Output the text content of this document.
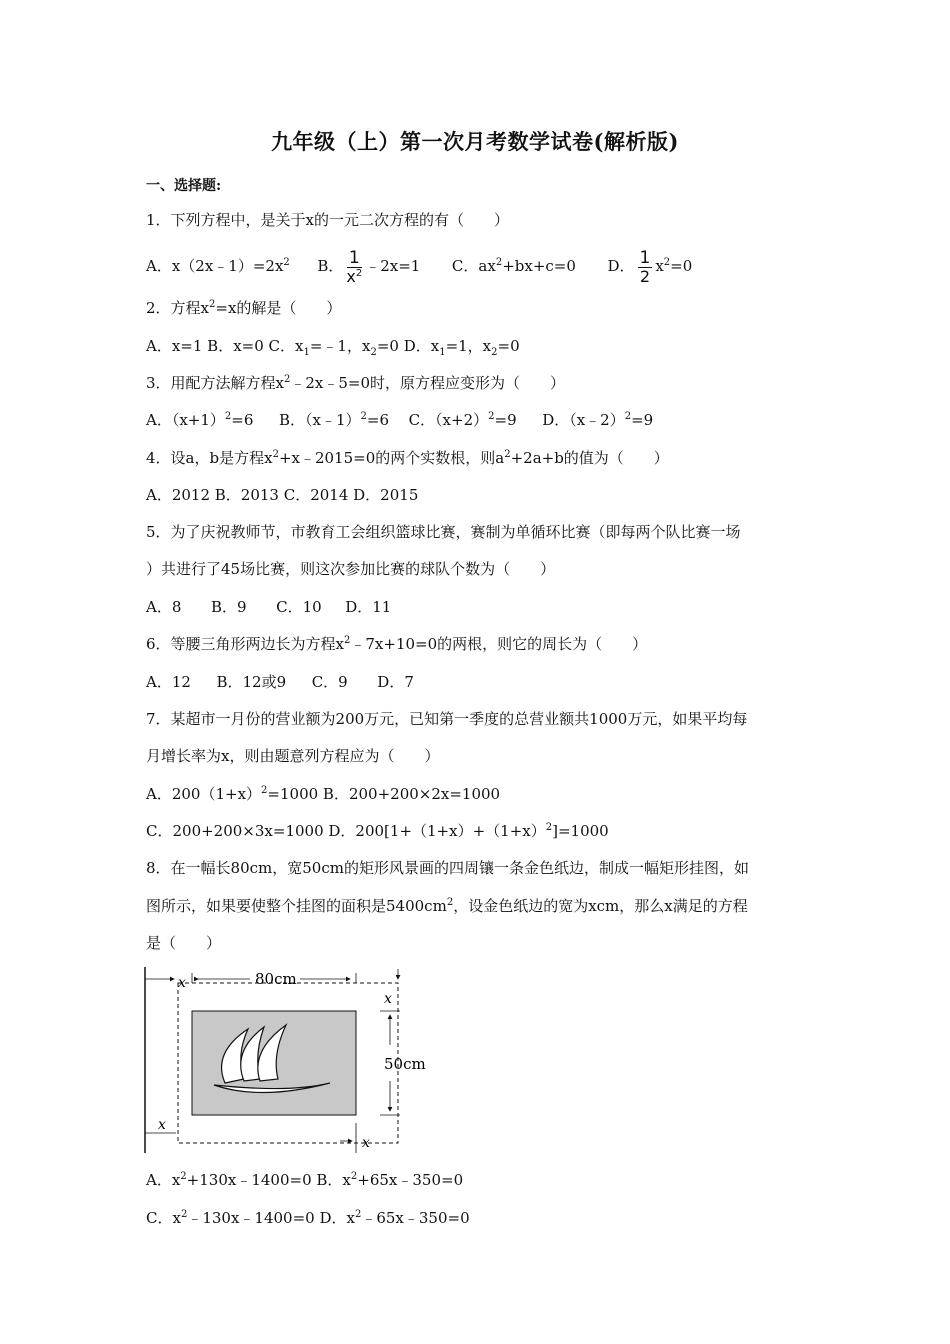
九年级（上）第一次月考数学试卷(解析版)
一、选择题:
1．下列方程中，是关于x的一元二次方程的有（　　）
A．$x(2x﹣1)=2x^2$ B． $\frac{1}{x^2}$ ﹣2x=1 C．$ax^2+bx+c=0$ D． $\frac{1}{2} x^2=0$
2．方程$x^2=x$的解是（　　）
A．x=1 B．x=0 C．$x_1=﹣1$，$x_2=0$ D．$x_1=1$，$x_2=0$
3．用配方法解方程$x^2﹣2x﹣5=0$时，原方程应变形为（　　）
A．$(x+1)^2=6$ B．（x﹣1）$^2$=6 C．$(x+2)^2=9$ D．（x﹣2）$^2$=9
4．设a，b是方程$x^2+x﹣2015=0$的两个实数根，则$a^2+2a+b$的值为（　　）
A．2012 B．2013 C．2014 D．2015
5．为了庆祝教师节，市教育工会组织篮球比赛，赛制为单循环比赛（即每两个队比赛一场
）共进行了45场比赛，则这次参加比赛的球队个数为（　　）
A．8 B．9 C．10 D．11
6．等腰三角形两边长为方程$x^2﹣7x+10=0$的两根，则它的周长为（　　）
A．12 B．12或9 C．9 D．7
7．某超市一月份的营业额为200万元，已知第一季度的总营业额共1000万元，如果平均每
月增长率为x，则由题意列方程应为（　　）
A．$200(1+x)^2=1000$ B．200+200×2x=1000
C．200+200×3x=1000 D．$200[1+(1+x)+(1+x)^2]=1000$
8．在一幅长80cm，宽50cm的矩形风景画的四周镶一条金色纸边，制成一幅矩形挂图，如
图所示，如果要使整个挂图的面积是$5400cm^2$，设金色纸边的宽为xcm，那么x满足的方程
是（　　）
80cm
x
x
50cm
x
x
A．$x^2+130x﹣1400=0$ B．$x^2+65x﹣350=0$
C．$x^2﹣130x﹣1400=0$ D．$x^2﹣65x﹣350=0$
